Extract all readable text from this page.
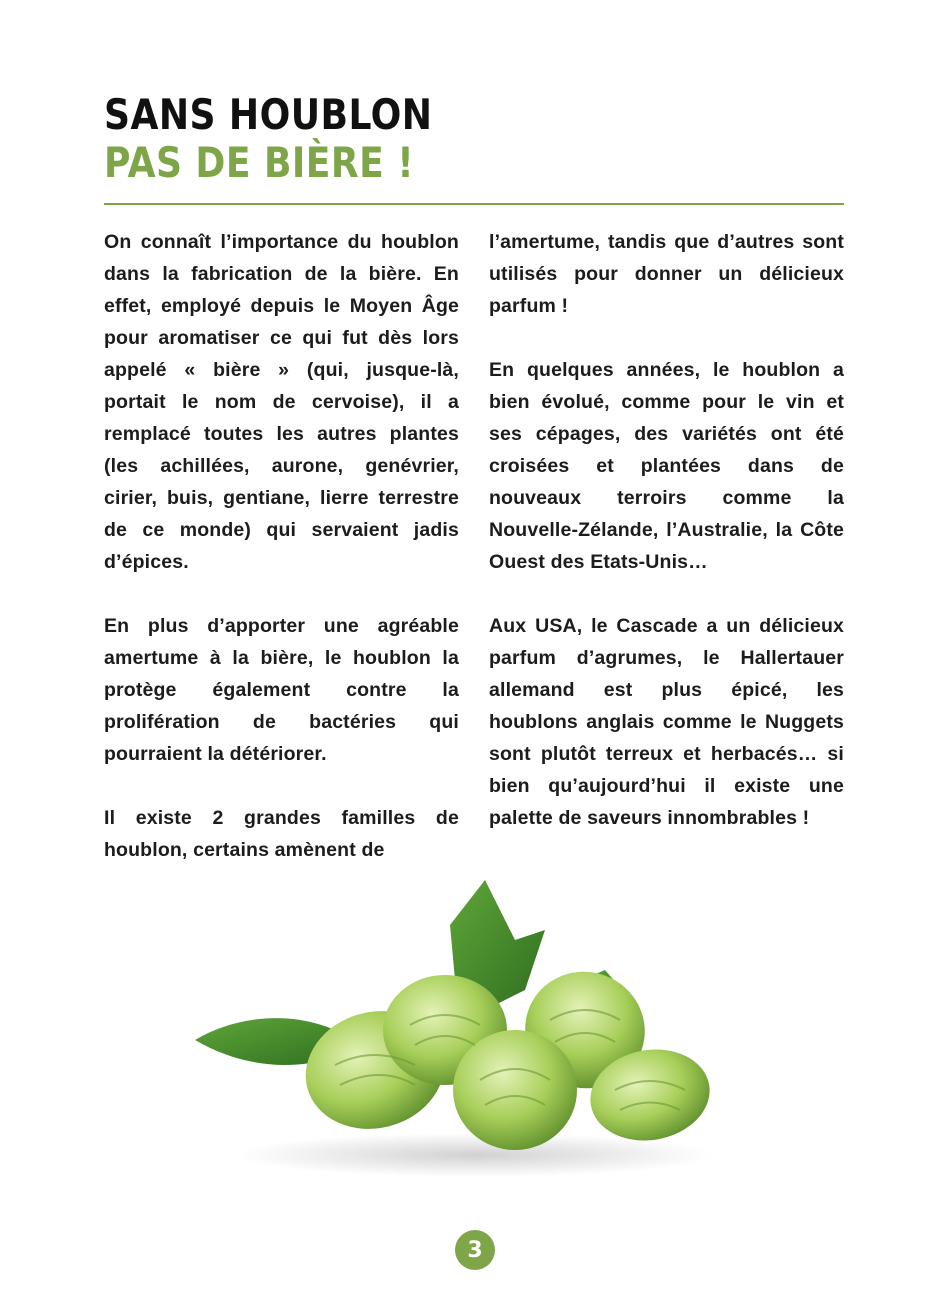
SANS HOUBLON
PAS DE BIÈRE !

On connaît l’importance du houblon dans la fabrication de la bière. En effet, employé depuis le Moyen Âge pour aromatiser ce qui fut dès lors appelé « bière » (qui, jusque-là, portait le nom de cervoise), il a remplacé toutes les autres plantes (les achillées, aurone, genévrier, cirier, buis, gentiane, lierre terrestre de ce monde) qui servaient jadis d’épices.

En plus d’apporter une agréable amertume à la bière, le houblon la protège également contre la prolifération de bactéries qui pourraient la détériorer.

Il existe 2 grandes familles de houblon, certains amènent de

l’amertume, tandis que d’autres sont utilisés pour donner un délicieux parfum !

En quelques années, le houblon a bien évolué, comme pour le vin et ses cépages, des variétés ont été croisées et plantées dans de nouveaux terroirs comme la Nouvelle-Zélande, l’Australie, la Côte Ouest des Etats-Unis…

Aux USA, le Cascade a un délicieux parfum d’agrumes, le Hallertauer allemand est plus épicé, les houblons anglais comme le Nuggets sont plutôt terreux et herbacés… si bien qu’aujourd’hui il existe une palette de saveurs innombrables !

3
